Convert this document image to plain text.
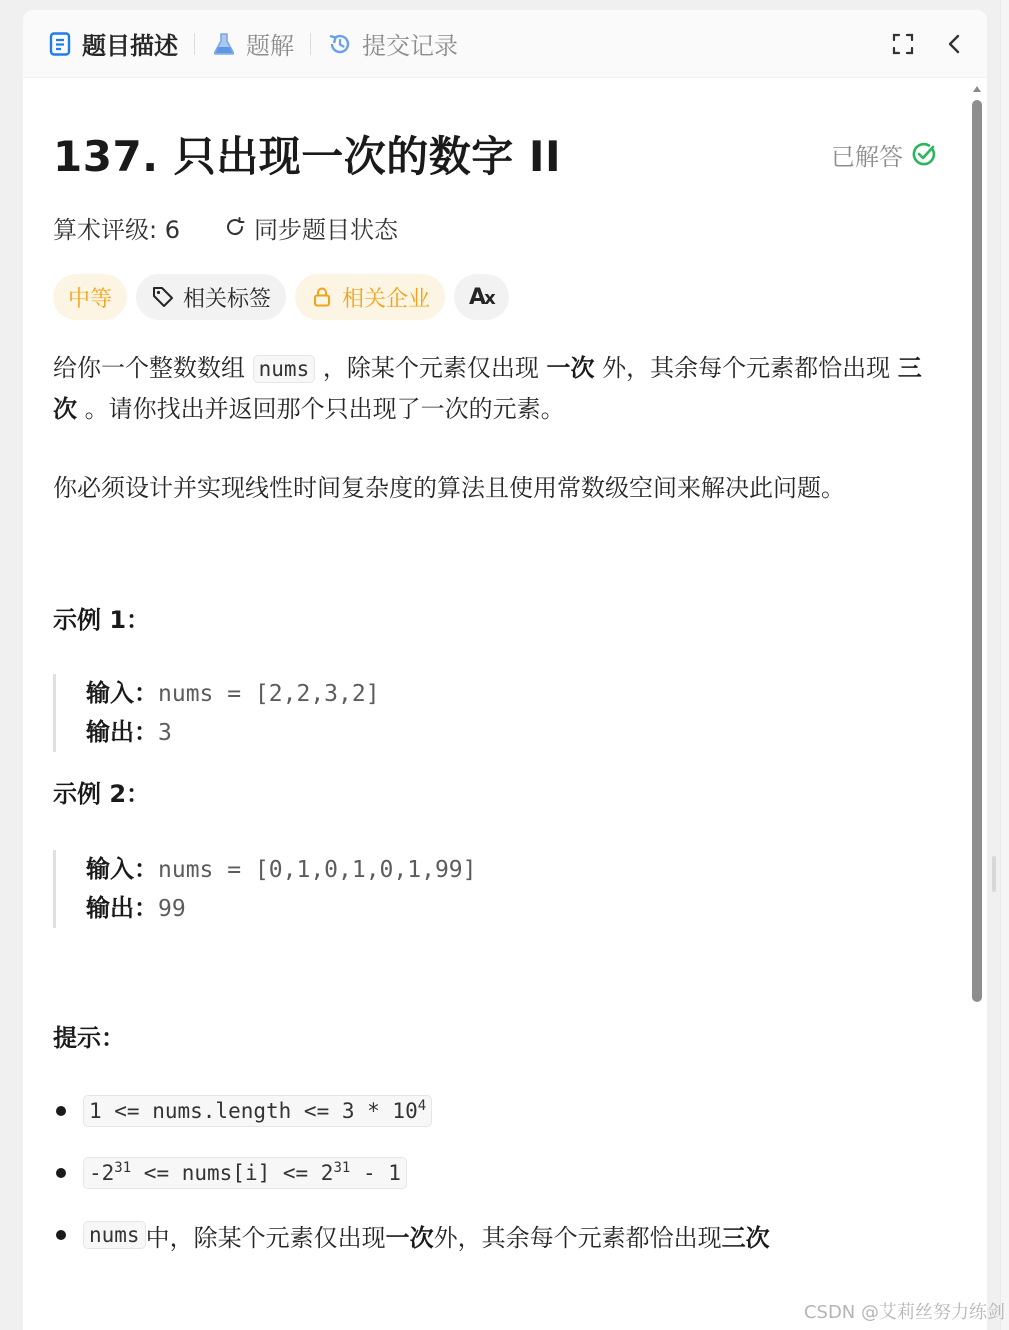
题目描述	题解	提交记录
137. 只出现一次的数字 II	已解答
算术评级: 6	同步题目状态
中等	相关标签	相关企业 Ax
给你一个整数数组 nums ，除某个元素仅出现 一次 外，其余每个元素都恰出现 三次 。请你找出并返回那个只出现了一次的元素。
你必须设计并实现线性时间复杂度的算法且使用常数级空间来解决此问题。
示例 1：
输入：nums = [2,2,3,2]
输出：3
示例 2：
输入：nums = [0,1,0,1,0,1,99]
输出：99
提示：
1 <= nums.length <= $3 * 10^4$
$-2^{31}$ <= nums[i] <= $2^{31} - 1$
nums 中，除某个元素仅出现 一次 外，其余每个元素都恰出现 三次
CSDN @艾莉丝努力练剑
